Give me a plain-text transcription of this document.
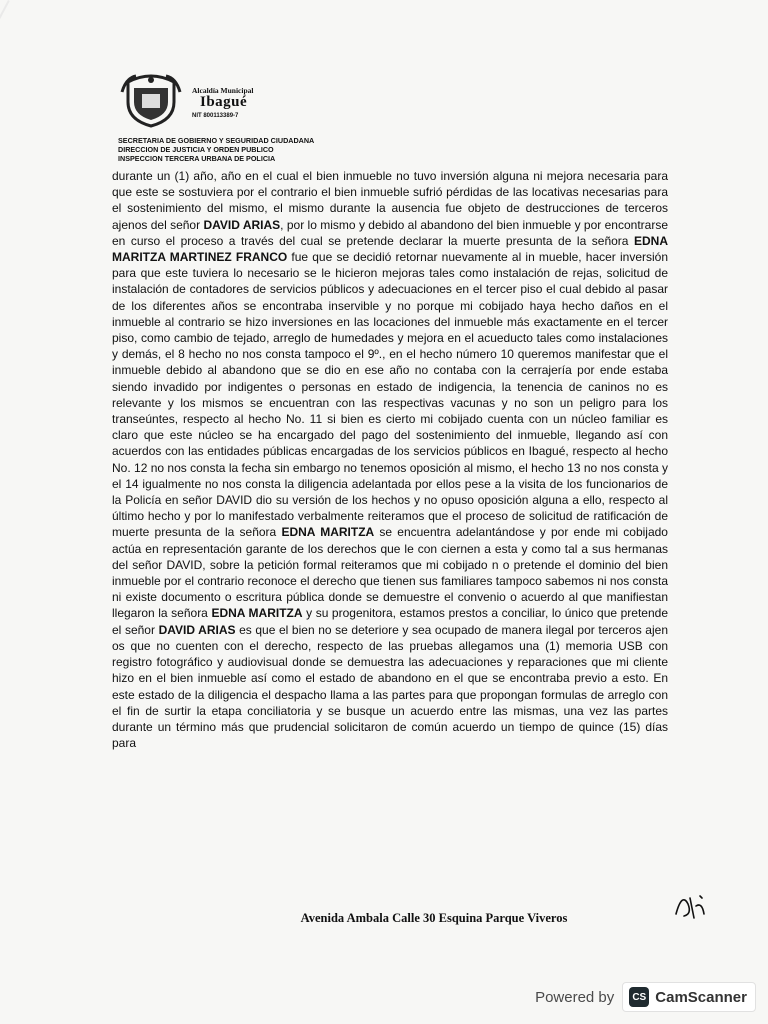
Alcaldía Municipal
Ibagué
NIT 800113389-7
SECRETARIA DE GOBIERNO Y SEGURIDAD CIUDADANA
DIRECCION DE JUSTICIA Y ORDEN PUBLICO
INSPECCION TERCERA URBANA DE POLICIA
durante un (1) año, año en el cual el bien inmueble no tuvo inversión alguna ni mejora necesaria para que este se sostuviera por el contrario el bien inmueble sufrió pérdidas de las locativas necesarias para el sostenimiento del mismo, el mismo durante la ausencia fue objeto de destrucciones de terceros ajenos del señor DAVID ARIAS, por lo mismo y debido al abandono del bien inmueble y por encontrarse en curso el proceso a través del cual se pretende declarar la muerte presunta de la señora EDNA MARITZA MARTINEZ FRANCO fue que se decidió retornar nuevamente al in mueble, hacer inversión para que este tuviera lo necesario se le hicieron mejoras tales como instalación de rejas, solicitud de instalación de contadores de servicios públicos y adecuaciones en el tercer piso el cual debido al pasar de los diferentes años se encontraba inservible y no porque mi cobijado haya hecho daños en el inmueble al contrario se hizo inversiones en las locaciones del inmueble más exactamente en el tercer piso, como cambio de tejado, arreglo de humedades y mejora en el acueducto tales como instalaciones y demás, el 8 hecho no nos consta tampoco el 9º., en el hecho número 10 queremos manifestar que el inmueble debido al abandono que se dio en ese año no contaba con la cerrajería por ende estaba siendo invadido por indigentes o personas en estado de indigencia, la tenencia de caninos no es relevante y los mismos se encuentran con las respectivas vacunas y no son un peligro para los transeúntes, respecto al hecho No. 11 si bien es cierto mi cobijado cuenta con un núcleo familiar es claro que este núcleo se ha encargado del pago del sostenimiento del inmueble, llegando así con acuerdos con las entidades públicas encargadas de los servicios públicos en Ibagué, respecto al hecho No. 12 no nos consta la fecha sin embargo no tenemos oposición al mismo, el hecho 13 no nos consta y el 14 igualmente no nos consta la diligencia adelantada por ellos pese a la visita de los funcionarios de la Policía en señor DAVID dio su versión de los hechos y no opuso oposición alguna a ello, respecto al último hecho y por lo manifestado verbalmente reiteramos que el proceso de solicitud de ratificación de muerte presunta de la señora EDNA MARITZA se encuentra adelantándose y por ende mi cobijado actúa en representación garante de los derechos que le con ciernen a esta y como tal a sus hermanas del señor DAVID, sobre la petición formal reiteramos que mi cobijado n o pretende el dominio del bien inmueble por el contrario reconoce el derecho que tienen sus familiares tampoco sabemos ni nos consta ni existe documento o escritura pública donde se demuestre el convenio o acuerdo al que manifiestan llegaron la señora EDNA MARITZA y su progenitora, estamos prestos a conciliar, lo único que pretende el señor DAVID ARIAS es que el bien no se deteriore y sea ocupado de manera ilegal por terceros ajen os que no cuenten con el derecho, respecto de las pruebas allegamos una (1) memoria USB con registro fotográfico y audiovisual donde se demuestra las adecuaciones y reparaciones que mi cliente hizo en el bien inmueble así como el estado de abandono en el que se encontraba previo a esto. En este estado de la diligencia el despacho llama a las partes para que propongan formulas de arreglo con el fin de surtir la etapa conciliatoria y se busque un acuerdo entre las mismas, una vez las partes durante un término más que prudencial solicitaron de común acuerdo un tiempo de quince (15) días para
Avenida Ambala Calle 30 Esquina Parque Viveros
Powered by	CS CamScanner
